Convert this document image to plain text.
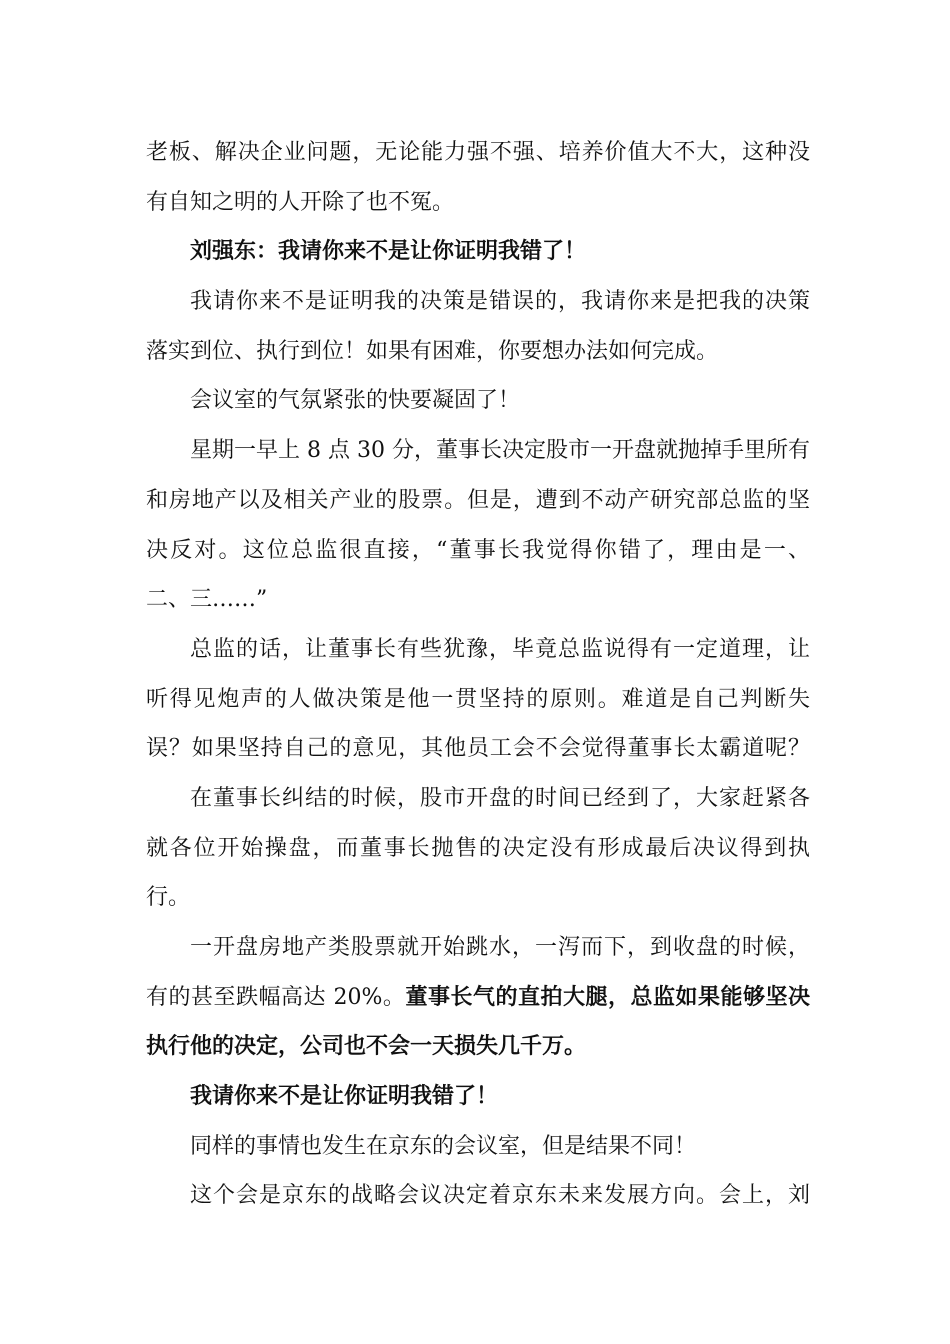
老板、解决企业问题，无论能力强不强、培养价值大不大，这种没
有自知之明的人开除了也不冤。
刘强东：我请你来不是让你证明我错了！
我请你来不是证明我的决策是错误的，我请你来是把我的决策
落实到位、执行到位！如果有困难，你要想办法如何完成。
会议室的气氛紧张的快要凝固了！
星期一早上 8 点 30 分，董事长决定股市一开盘就抛掉手里所有
和房地产以及相关产业的股票。但是，遭到不动产研究部总监的坚
决反对。这位总监很直接，“董事长我觉得你错了，理由是一、
二、三……”
总监的话，让董事长有些犹豫，毕竟总监说得有一定道理，让
听得见炮声的人做决策是他一贯坚持的原则。难道是自己判断失
误？如果坚持自己的意见，其他员工会不会觉得董事长太霸道呢？
在董事长纠结的时候，股市开盘的时间已经到了，大家赶紧各
就各位开始操盘，而董事长抛售的决定没有形成最后决议得到执
行。
一开盘房地产类股票就开始跳水，一泻而下，到收盘的时候，
有的甚至跌幅高达 20%。董事长气的直拍大腿，总监如果能够坚决
执行他的决定，公司也不会一天损失几千万。
我请你来不是让你证明我错了！
同样的事情也发生在京东的会议室，但是结果不同！
这个会是京东的战略会议决定着京东未来发展方向。会上，刘
